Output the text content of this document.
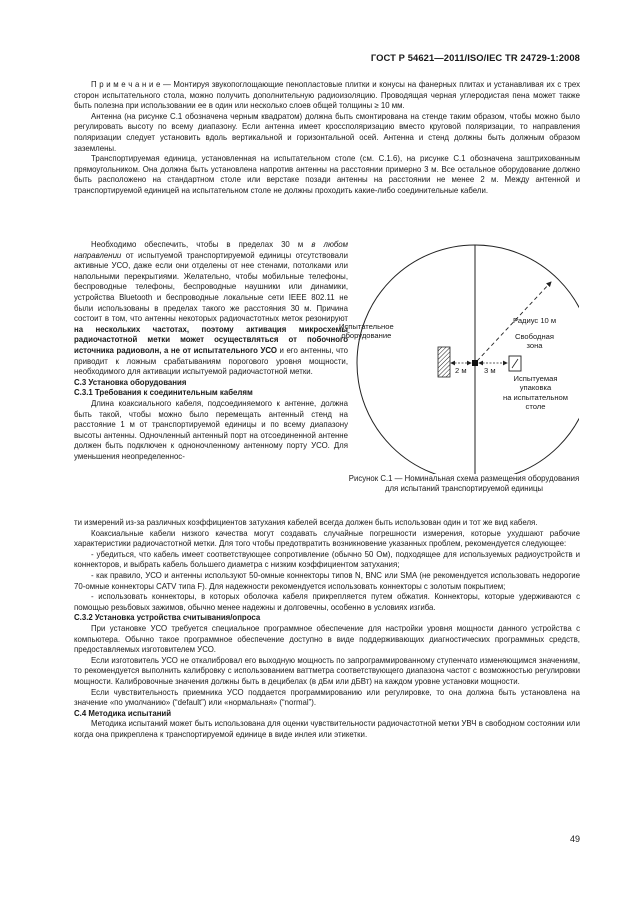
ГОСТ Р 54621—2011/ISO/IEC TR 24729-1:2008

П р и м е ч а н и е — Монтируя звукопоглощающие пенопластовые плитки и конусы на фанерных плитах и устанавливая их с трех сторон испытательного стола, можно получить дополнительную радиоизоляцию. Проводящая черная углеродистая пена может также быть полезна при использовании ее в один или несколько слоев общей толщины ≥ 10 мм.

Антенна (на рисунке С.1 обозначена черным квадратом) должна быть смонтирована на стенде таким образом, чтобы можно было регулировать высоту по всему диапазону. Если антенна имеет кроссполяризацию вместо круговой поляризации, то направления поляризации следует установить вдоль вертикальной и горизонтальной осей. Антенна и стенд должны быть должным образом заземлены.

Транспортируемая единица, установленная на испытательном столе (см. С.1.6), на рисунке С.1 обозначена заштрихованным прямоугольником. Она должна быть установлена напротив антенны на расстоянии примерно 3 м. Все остальное оборудование должно быть расположено на стандартном столе или верстаке позади антенны на расстоянии не менее 2 м. Между антенной и транспортируемой единицей на испытательном столе не должны проходить какие-либо соединительные кабели.

Необходимо обеспечить, чтобы в пределах 30 м в любом направлении от испытуемой транспортируемой единицы отсутствовали активные УСО, даже если они отделены от нее стенами, потолками или напольными перекрытиями. Желательно, чтобы мобильные телефоны, беспроводные телефоны, беспроводные наушники или динамики, устройства Bluetooth и беспроводные локальные сети IEEE 802.11 не были использованы в пределах такого же расстояния 30 м. Причина состоит в том, что антенны некоторых радиочастотных меток резонируют на нескольких частотах, поэтому активация микросхемы радиочастотной метки может осуществляться от побочного источника радиоволн, а не от испытательного УСО и его антенны, что приводит к ложным срабатываниям порогового уровня мощности, необходимого для активации испытуемой радиочастотной метки.

С.3 Установка оборудования

С.3.1 Требования к соединительным кабелям

Длина коаксиального кабеля, подсоединяемого к антенне, должна быть такой, чтобы можно было перемещать антенный стенд на расстояние 1 м от транспортируемой единицы и по всему диапазону высоты антенны. Одночленный антенный порт на отсоединенной антенне должен быть подключен к одноночленному антенному порту УСО. Для уменьшения неопределеннос-

Испытательное
оборудование
Радиус 10 м
Свободная
зона
2 м 3 м
Испытуемая
упаковка
на испытательном
столе
Рисунок С.1 — Номинальная схема размещения оборудования для испытаний транспортируемой единицы

ти измерений из-за различных коэффициентов затухания кабелей всегда должен быть использован один и тот же вид кабеля.

Коаксиальные кабели низкого качества могут создавать случайные погрешности измерения, которые ухудшают рабочие характеристики радиочастотной метки. Для того чтобы предотвратить возникновение указанных проблем, рекомендуется следующее:

- убедиться, что кабель имеет соответствующее сопротивление (обычно 50 Ом), подходящее для используемых радиоустройств и коннекторов, и выбрать кабель большего диаметра с низким коэффициентом затухания;

- как правило, УСО и антенны используют 50-омные коннекторы типов N, BNC или SMA (не рекомендуется использовать недорогие 70-омные коннекторы CATV типа F). Для надежности рекомендуется использовать коннекторы с золотым покрытием;

- использовать коннекторы, в которых оболочка кабеля прикрепляется путем обжатия. Коннекторы, которые удерживаются с помощью резьбовых зажимов, обычно менее надежны и долговечны, особенно в условиях изгиба.

С.3.2 Установка устройства считывания/опроса

При установке УСО требуется специальное программное обеспечение для настройки уровня мощности данного устройства с компьютера. Обычно такое программное обеспечение доступно в виде поддерживающих диагностических программных средств, предоставляемых изготовителем УСО.

Если изготовитель УСО не откалибровал его выходную мощность по запрограммированному ступенчато изменяющимся значениям, то рекомендуется выполнить калибровку с использованием ваттметра соответствующего диапазона частот с возможностью регулировки мощности. Калибровочные значения должны быть в децибелах (в дБм или дБВт) на каждом уровне установки мощности.

Если чувствительность приемника УСО поддается программированию или регулировке, то она должна быть установлена на значение «по умолчанию» (“default”) или «нормальная» (“normal”).

С.4 Методика испытаний

Методика испытаний может быть использована для оценки чувствительности радиочастотной метки УВЧ в свободном состоянии или когда она прикреплена к транспортируемой единице в виде инлея или этикетки.

49
